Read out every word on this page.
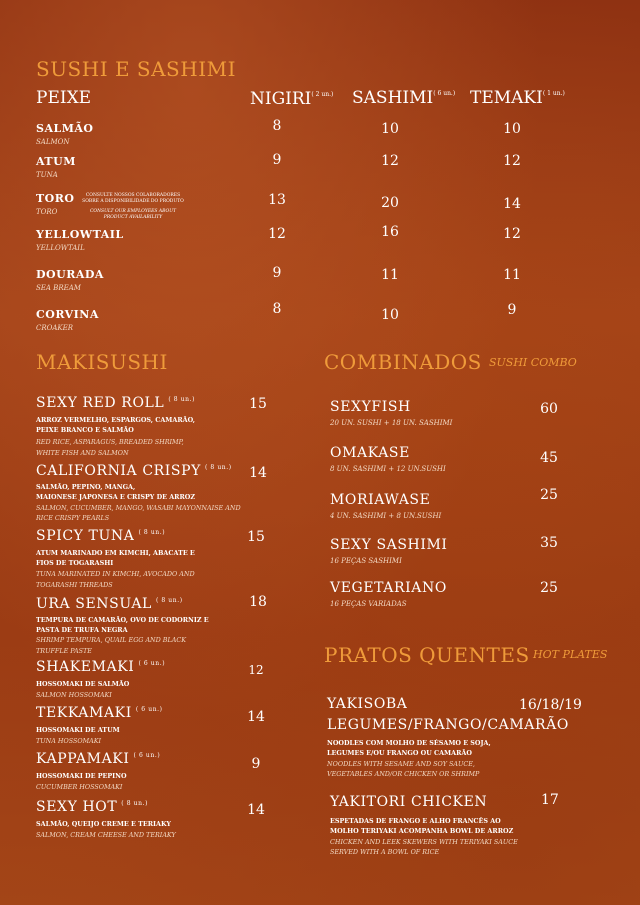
SUSHI E SASHIMI
PEIXE	$NIGIRI^{( 2 un.)}$ $SASHIMI^{( 6 un.)}$ $TEMAKI^{( 1 un.)}$
SALMÃO
SALMON
8	10	10
ATUM
TUNA
9	12	12
TORO
TORO
CONSULTE NOSSOS COLABORADORES SOBRE A DISPONIBILIDADE DO PRODUTO
CONSULT OUR EMPLOYEES ABOUT PRODUCT AVAILABILITY
13	20	14
YELLOWTAIL
YELLOWTAIL
12	16	12
DOURADA
SEA BREAM
9	11	11
CORVINA
CROAKER
8	10	9
MAKISUSHI
SEXY RED ROLL $^{( 8 un.)}$	15
ARROZ VERMELHO, ESPARGOS, CAMARÃO,
PEIXE BRANCO E SALMÃO
RED RICE, ASPARAGUS, BREADED SHRIMP,
WHITE FISH AND SALMON
CALIFORNIA CRISPY $^{( 8 un.)}$	14
SALMÃO, PEPINO, MANGA,
MAIONESE JAPONESA E CRISPY DE ARROZ
SALMON, CUCUMBER, MANGO, WASABI MAYONNAISE AND
RICE CRISPY PEARLS
SPICY TUNA $^{( 8 un.)}$	15
ATUM MARINADO EM KIMCHI, ABACATE E
FIOS DE TOGARASHI
TUNA MARINATED IN KIMCHI, AVOCADO AND
TOGARASHI THREADS
URA SENSUAL $^{( 8 un.)}$	18
TEMPURA DE CAMARÃO, OVO DE CODORNIZ E
PASTA DE TRUFA NEGRA
SHRIMP TEMPURA, QUAIL EGG AND BLACK
TRUFFLE PASTE
SHAKEMAKI $^{( 6 un.)}$	12
HOSSOMAKI DE SALMÃO
SALMON HOSSOMAKI
TEKKAMAKI $^{( 6 un.)}$	14
HOSSOMAKI DE ATUM
TUNA HOSSOMAKI
KAPPAMAKI $^{( 6 un.)}$
9
HOSSOMAKI DE PEPINO
CUCUMBER HOSSOMAKI
SEXY HOT $^{( 8 un.)}$	14
SALMÃO, QUEIJO CREME E TERIAKY
SALMON, CREAM CHEESE AND TERIAKY
COMBINADOS SUSHI COMBO
SEXYFISH
20 UN. SUSHI + 18 UN. SASHIMI
60
OMAKASE
8 UN. SASHIMI + 12 UN.SUSHI
45
MORIAWASE
4 UN. SASHIMI + 8 UN.SUSHI
25
SEXY SASHIMI
16 PEÇAS SASHIMI
35
VEGETARIANO
16 PEÇAS VARIADAS
25
PRATOS QUENTES HOT PLATES
YAKISOBA	16/18/19
LEGUMES/FRANGO/CAMARÃO
NOODLES COM MOLHO DE SÉSAMO E SOJA,
LEGUMES E/OU FRANGO OU CAMARÃO
NOODLES WITH SESAME AND SOY SAUCE,
VEGETABLES AND/OR CHICKEN OR SHRIMP
YAKITORI CHICKEN	17
ESPETADAS DE FRANGO E ALHO FRANCÊS AO
MOLHO TERIYAKI ACOMPANHA BOWL DE ARROZ
CHICKEN AND LEEK SKEWERS WITH TERIYAKI SAUCE
SERVED WITH A BOWL OF RICE
